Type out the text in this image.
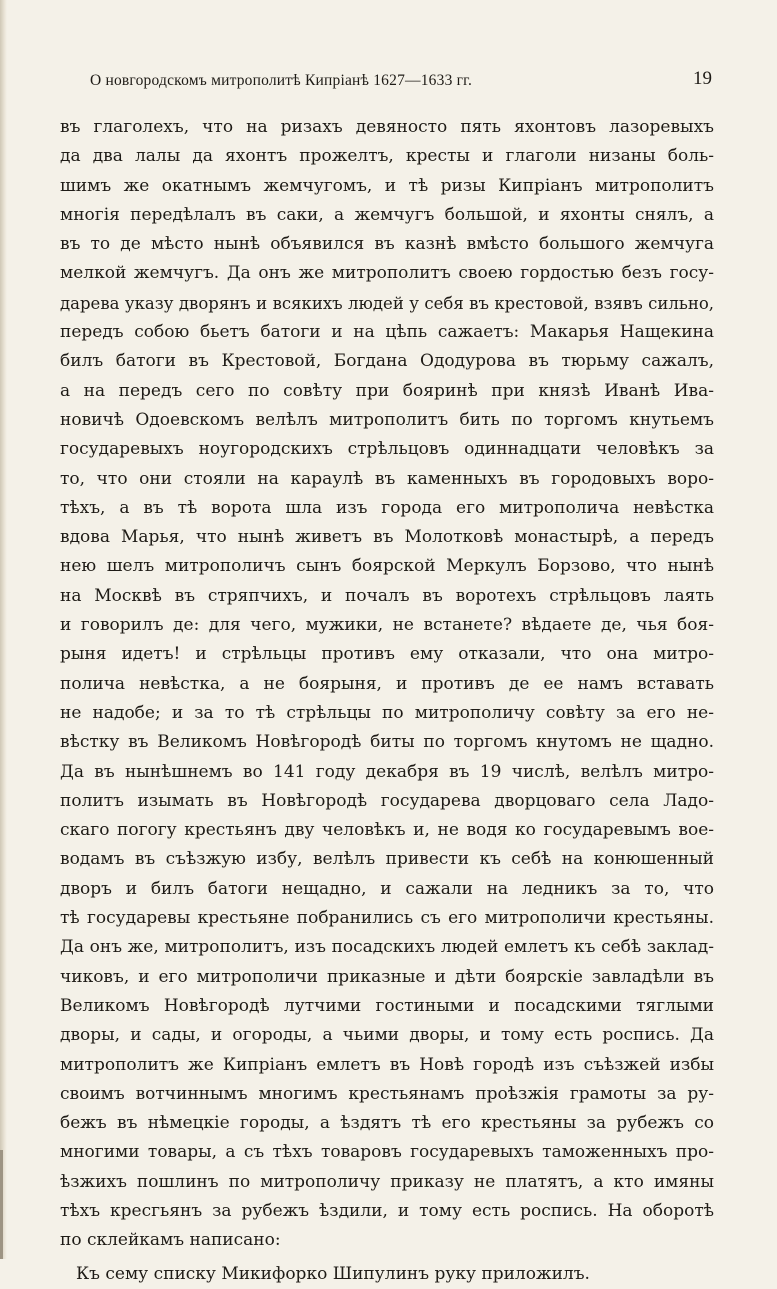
О новгородскомъ митрополитѣ Кипріанѣ 1627—1633 гг.	19
въ глаголехъ, что на ризахъ девяносто пять яхонтовъ лазоревыхъ
да два лалы да яхонтъ прожелтъ, кресты и глаголи низаны боль-
шимъ же окатнымъ жемчугомъ, и тѣ ризы Кипріанъ митрополитъ
многія передѣлалъ въ саки, а жемчугъ большой, и яхонты снялъ, а
въ то де мѣсто нынѣ объявился въ казнѣ вмѣсто большого жемчуга
мелкой жемчугъ. Да онъ же митрополитъ своею гордостью безъ госу-
дарева указу дворянъ и всякихъ людей у себя въ крестовой, взявъ сильно,
передъ собою бьетъ батоги и на цѣпь сажаетъ: Макарья Нащекина
билъ батоги въ Крестовой, Богдана Ододурова въ тюрьму сажалъ,
а на передъ сего по совѣту при бояринѣ при князѣ Иванѣ Ива-
новичѣ Одоевскомъ велѣлъ митрополитъ бить по торгомъ кнутьемъ
государевыхъ ноугородскихъ стрѣльцовъ одиннадцати человѣкъ за
то, что они стояли на караулѣ въ каменныхъ въ городовыхъ воро-
тѣхъ, а въ тѣ ворота шла изъ города его митрополича невѣстка
вдова Марья, что нынѣ живетъ въ Молотковѣ монастырѣ, а передъ
нею шелъ митрополичъ сынъ боярской Меркулъ Борзово, что нынѣ
на Москвѣ въ стряпчихъ, и почалъ въ воротехъ стрѣльцовъ лаять
и говорилъ де: для чего, мужики, не встанете? вѣдаете де, чья боя-
рыня идетъ! и стрѣльцы противъ ему отказали, что она митро-
полича невѣстка, а не боярыня, и противъ де ее намъ вставать
не надобе; и за то тѣ стрѣльцы по митрополичу совѣту за его не-
вѣстку въ Великомъ Новѣгородѣ биты по торгомъ кнутомъ не щадно.
Да въ нынѣшнемъ во 141 году декабря въ 19 числѣ, велѣлъ митро-
политъ изымать въ Новѣгородѣ государева дворцоваго села Ладо-
скаго погогу крестьянъ дву человѣкъ и, не водя ко государевымъ вое-
водамъ въ съѣзжую избу, велѣлъ привести къ себѣ на конюшенный
дворъ и билъ батоги нещадно, и сажали на ледникъ за то, что
тѣ государевы крестьяне побранились съ его митрополичи крестьяны.
Да онъ же, митрополитъ, изъ посадскихъ людей емлетъ къ себѣ заклад-
чиковъ, и его митрополичи приказные и дѣти боярскіе завладѣли въ
Великомъ Новѣгородѣ лутчими гостиными и посадскими тяглыми
дворы, и сады, и огороды, а чьими дворы, и тому есть роспись. Да
митрополитъ же Кипріанъ емлетъ въ Новѣ городѣ изъ съѣзжей избы
своимъ вотчиннымъ многимъ крестьянамъ проѣзжія грамоты за ру-
бежъ въ нѣмецкіе городы, а ѣздятъ тѣ его крестьяны за рубежъ со
многими товары, а съ тѣхъ товаровъ государевыхъ таможенныхъ про-
ѣзжихъ пошлинъ по митрополичу приказу не платятъ, а кто имяны
тѣхъ кресгьянъ за рубежъ ѣздили, и тому есть роспись. На оборотѣ
по склейкамъ написано:
Къ сему списку Микифорко Шипулинъ руку приложилъ.
